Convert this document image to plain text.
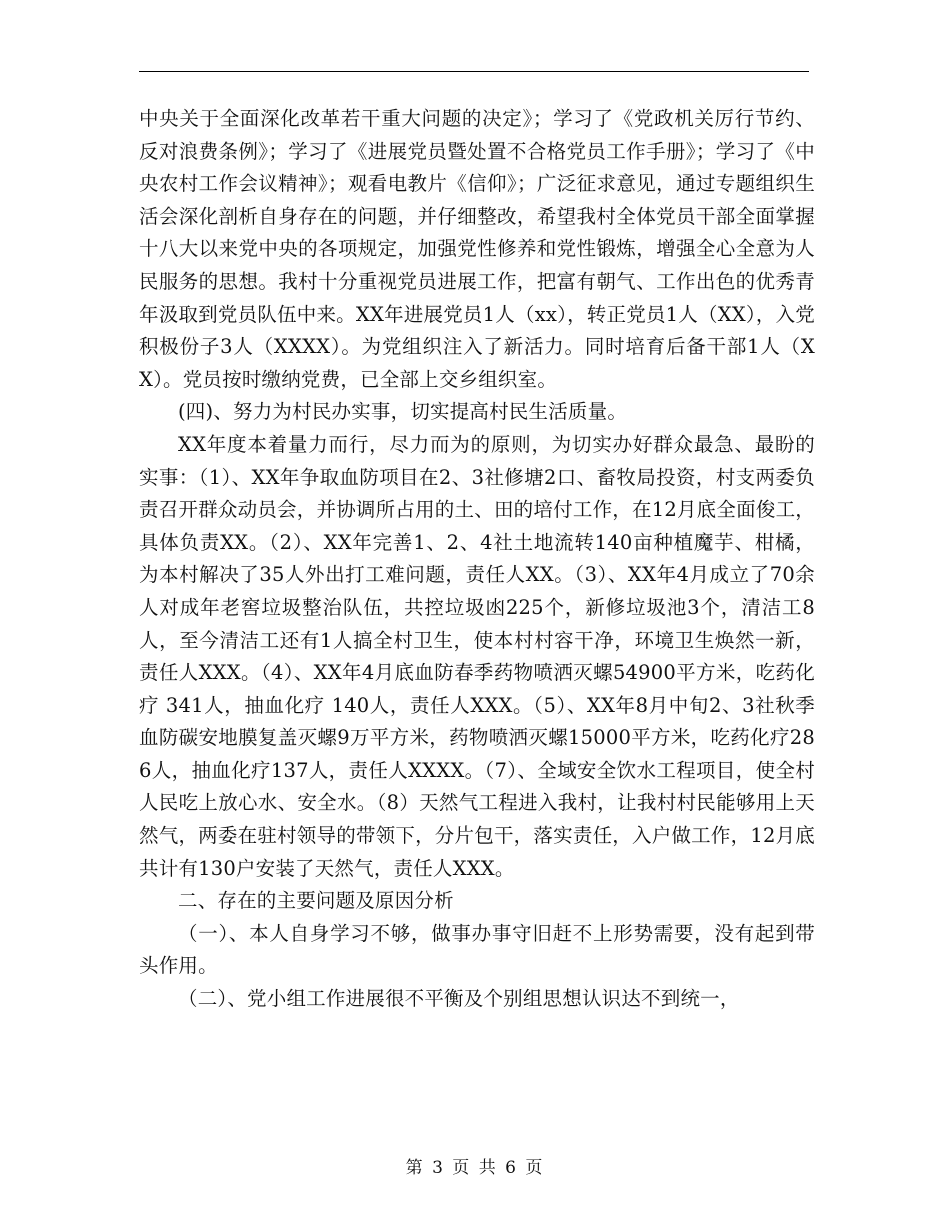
中央关于全面深化改革若干重大问题的决定》；学习了《党政机关厉行节约、反对浪费条例》；学习了《进展党员暨处置不合格党员工作手册》；学习了《中央农村工作会议精神》；观看电教片《信仰》；广泛征求意见，通过专题组织生活会深化剖析自身存在的问题，并仔细整改，希望我村全体党员干部全面掌握十八大以来党中央的各项规定，加强党性修养和党性锻炼，增强全心全意为人民服务的思想。我村十分重视党员进展工作，把富有朝气、工作出色的优秀青年汲取到党员队伍中来。XX年进展党员1人（xx），转正党员1人（XX），入党积极份子3人（XXXX）。为党组织注入了新活力。同时培育后备干部1人（XX）。党员按时缴纳党费，已全部上交乡组织室。

(四)、努力为村民办实事，切实提高村民生活质量。

XX年度本着量力而行，尽力而为的原则，为切实办好群众最急、最盼的实事：（1）、XX年争取血防项目在2、3社修塘2口、畜牧局投资，村支两委负责召开群众动员会，并协调所占用的土、田的培付工作，在12月底全面俊工，具体负责XX。（2）、XX年完善1、2、4社土地流转140亩种植魔芋、柑橘，为本村解决了35人外出打工难问题，责任人XX。（3）、XX年4月成立了70余人对成年老窖垃圾整治队伍，共控垃圾凼225个，新修垃圾池3个，清洁工8人，至今清洁工还有1人搞全村卫生，使本村村容干净，环境卫生焕然一新，责任人XXX。（4）、XX年4月底血防春季药物喷洒灭螺54900平方米，吃药化疗 341人，抽血化疗 140人，责任人XXX。（5）、XX年8月中旬2、3社秋季血防碳安地膜复盖灭螺9万平方米，药物喷洒灭螺15000平方米，吃药化疗286人，抽血化疗137人，责任人XXXX。（7）、全域安全饮水工程项目，使全村人民吃上放心水、安全水。（8）天然气工程进入我村，让我村村民能够用上天然气，两委在驻村领导的带领下，分片包干，落实责任，入户做工作，12月底共计有130户安装了天然气，责任人XXX。

二、存在的主要问题及原因分析

（一）、本人自身学习不够，做事办事守旧赶不上形势需要，没有起到带头作用。

（二）、党小组工作进展很不平衡及个别组思想认识达不到统一，

第 3 页 共 6 页
